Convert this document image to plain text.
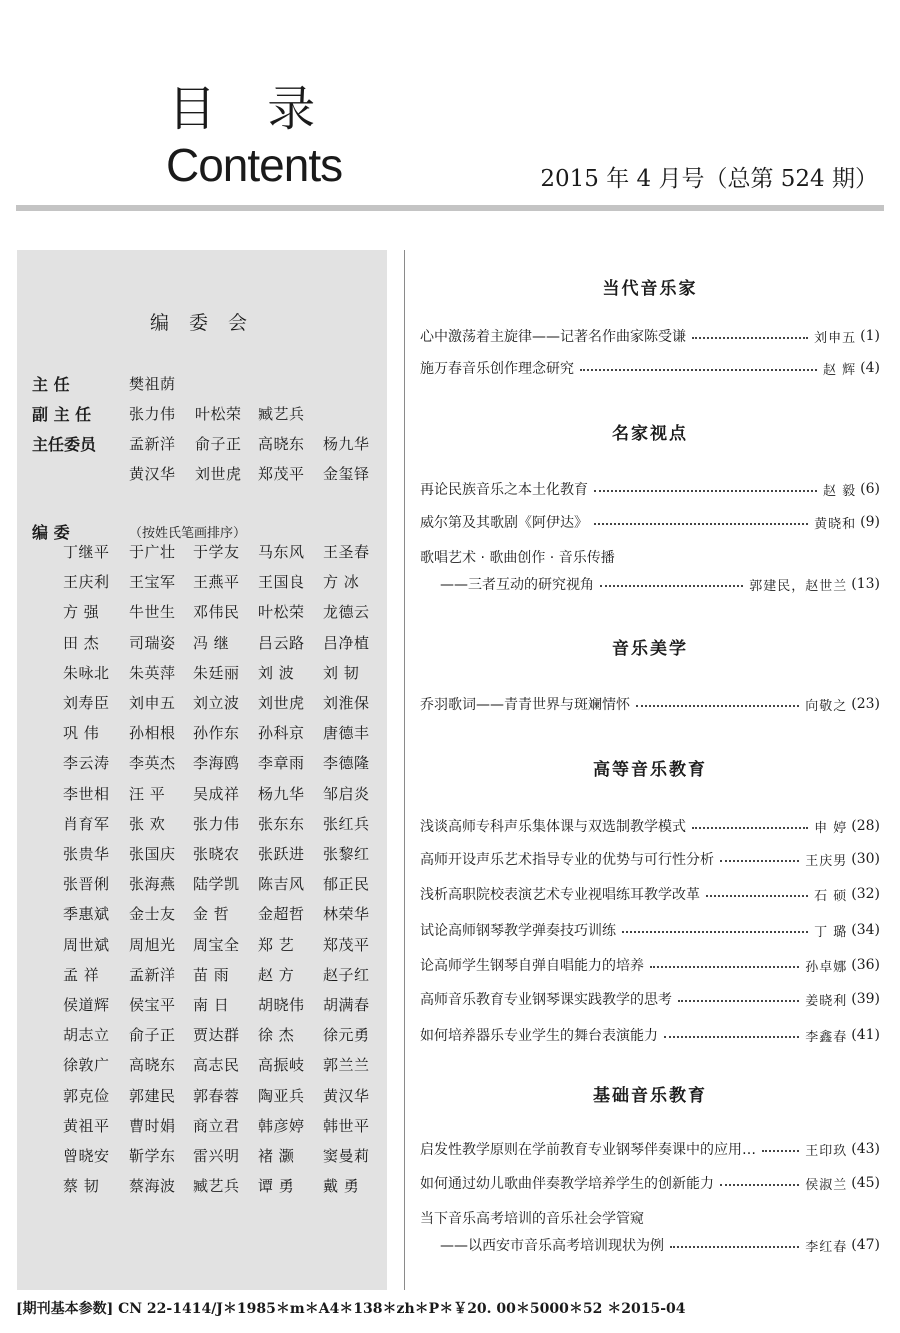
目 录
Contents	2015 年 4 月号（总第 524 期）
编 委 会
主 任	樊祖荫
副 主 任	张力伟 叶松荣 臧艺兵
主任委员 孟新洋 俞子正 高晓东 杨九华
黄汉华 刘世虎 郑茂平 金玺铎
编 委	（按姓氏笔画排序）
丁继平 于广壮 于学友 马东风 王圣春
王庆利 王宝军 王燕平 王国良 方 冰
方 强 牛世生 邓伟民 叶松荣 龙德云
田 杰 司瑞姿 冯 继 吕云路 吕净植
朱咏北 朱英萍 朱廷丽 刘 波 刘 韧
刘寿臣 刘申五 刘立波 刘世虎 刘淮保
巩 伟 孙相根 孙作东 孙科京 唐德丰
李云涛 李英杰 李海鸥 李章雨 李德隆
李世相 汪 平 吴成祥 杨九华 邹启炎
肖育军 张 欢 张力伟 张东东 张红兵
张贵华 张国庆 张晓农 张跃进 张黎红
张晋俐 张海燕 陆学凯 陈吉风 郁正民
季惠斌 金士友 金 哲 金超哲 林荣华
周世斌 周旭光 周宝全 郑 艺 郑茂平
孟 祥 孟新洋 苗 雨 赵 方 赵子红
侯道辉 侯宝平 南 日 胡晓伟 胡满春
胡志立 俞子正 贾达群 徐 杰 徐元勇
徐敦广 高晓东 高志民 高振岐 郭兰兰
郭克俭 郭建民 郭春蓉 陶亚兵 黄汉华
黄祖平 曹时娟 商立君 韩彦婷 韩世平
曾晓安 靳学东 雷兴明 褚 灏 窦曼莉
蔡 韧 蔡海波 臧艺兵 谭 勇 戴 勇
当代音乐家
心中激荡着主旋律——记著名作曲家陈受谦	刘申五 (1)
施万春音乐创作理念研究	赵 辉 (4)
名家视点
再论民族音乐之本土化教育	赵 毅 (6)
威尔第及其歌剧《阿伊达》	黄晓和 (9)
歌唱艺术 · 歌曲创作 · 音乐传播
——三者互动的研究视角	郭建民，赵世兰 (13)
音乐美学
乔羽歌词——青青世界与斑斓情怀	向敬之 (23)
高等音乐教育
浅谈高师专科声乐集体课与双选制教学模式	申 婷 (28)
高师开设声乐艺术指导专业的优势与可行性分析	王庆男 (30)
浅析高职院校表演艺术专业视唱练耳教学改革	石 硕 (32)
试论高师钢琴教学弹奏技巧训练	丁 璐 (34)
论高师学生钢琴自弹自唱能力的培养	孙卓娜 (36)
高师音乐教育专业钢琴课实践教学的思考	姜晓利 (39)
如何培养器乐专业学生的舞台表演能力	李鑫春 (41)
基础音乐教育
启发性教学原则在学前教育专业钢琴伴奏课中的应用…	王印玖 (43)
如何通过幼儿歌曲伴奏教学培养学生的创新能力	侯淑兰 (45)
当下音乐高考培训的音乐社会学管窥
——以西安市音乐高考培训现状为例	李红春 (47)
[期刊基本参数] CN 22-1414/J＊1985＊m＊A4＊138＊zh＊P＊￥20. 00＊5000＊52 ＊2015-04
